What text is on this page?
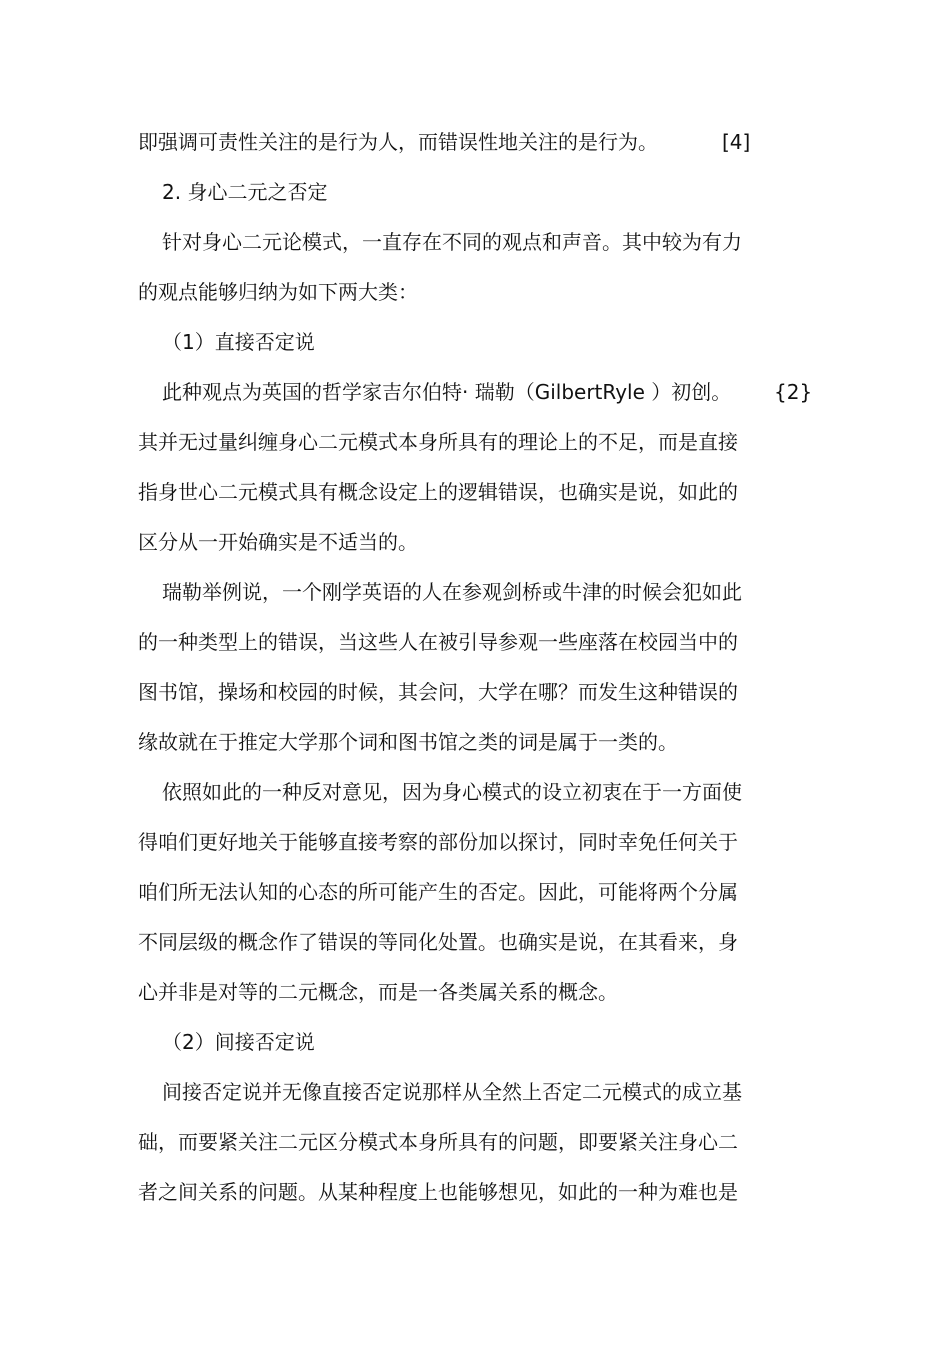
即强调可责性关注的是行为人，而错误性地关注的是行为。	[4]
2. 身心二元之否定
针对身心二元论模式，一直存在不同的观点和声音。其中较为有力
的观点能够归纳为如下两大类：
（1）直接否定说
此种观点为英国的哲学家吉尔伯特· 瑞勒（GilbertRyle ）初创。 {2}
其并无过量纠缠身心二元模式本身所具有的理论上的不足，而是直接
指身世心二元模式具有概念设定上的逻辑错误，也确实是说，如此的
区分从一开始确实是不适当的。
瑞勒举例说，一个刚学英语的人在参观剑桥或牛津的时候会犯如此
的一种类型上的错误，当这些人在被引导参观一些座落在校园当中的
图书馆，操场和校园的时候，其会问，大学在哪？而发生这种错误的
缘故就在于推定大学那个词和图书馆之类的词是属于一类的。
依照如此的一种反对意见，因为身心模式的设立初衷在于一方面使
得咱们更好地关于能够直接考察的部份加以探讨，同时幸免任何关于
咱们所无法认知的心态的所可能产生的否定。因此，可能将两个分属
不同层级的概念作了错误的等同化处置。也确实是说，在其看来，身
心并非是对等的二元概念，而是一各类属关系的概念。
（2）间接否定说
间接否定说并无像直接否定说那样从全然上否定二元模式的成立基
础，而要紧关注二元区分模式本身所具有的问题，即要紧关注身心二
者之间关系的问题。从某种程度上也能够想见，如此的一种为难也是
